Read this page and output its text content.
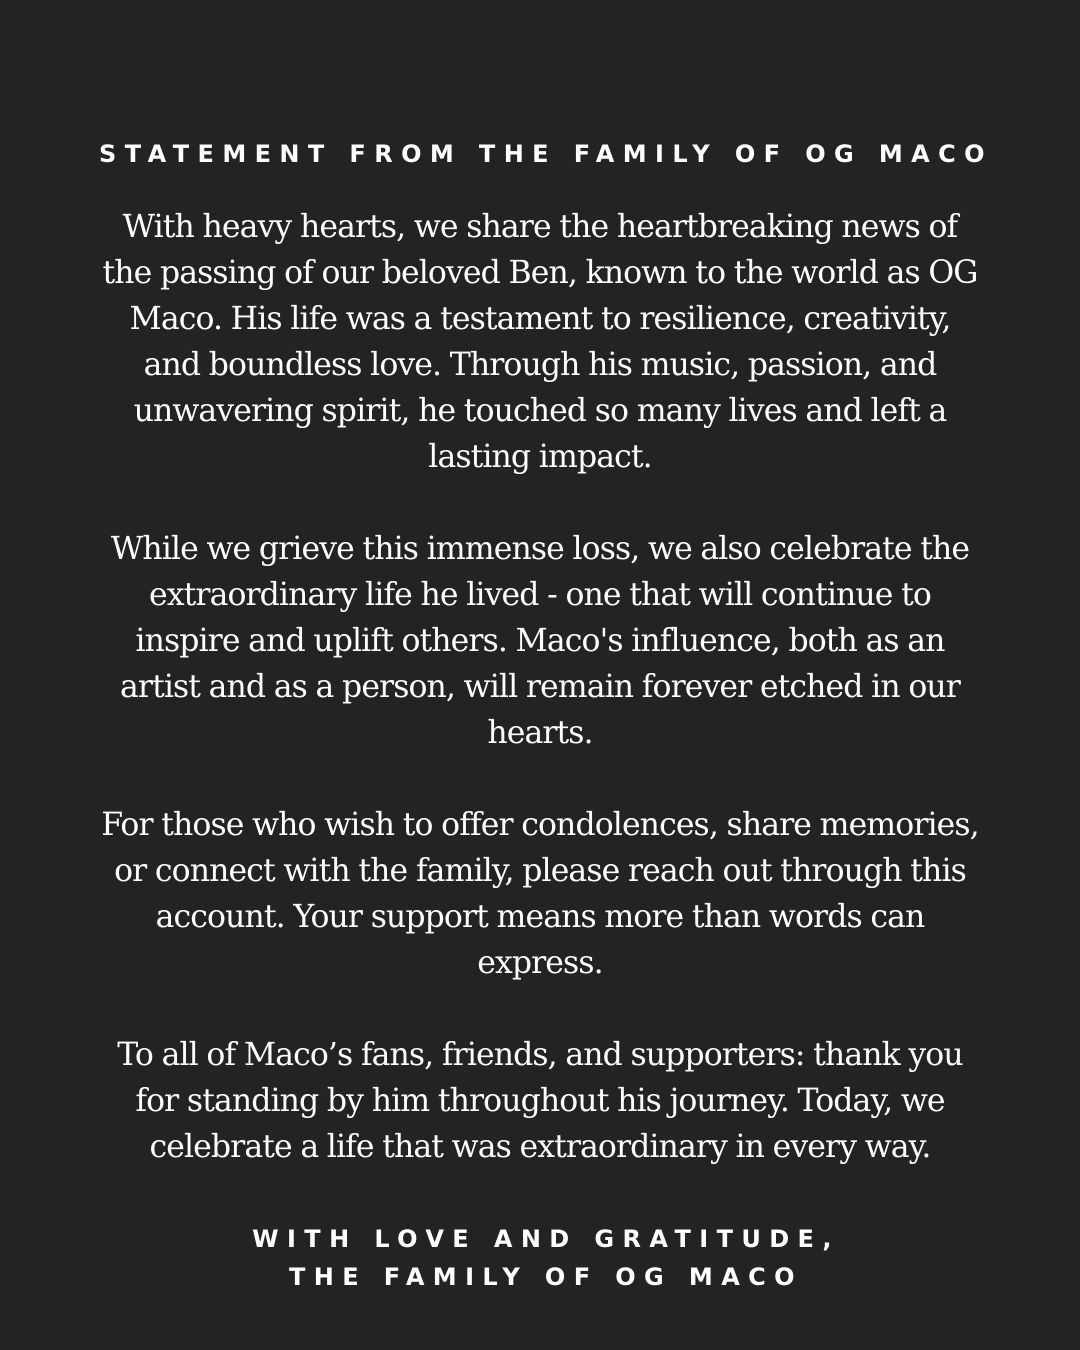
STATEMENT FROM THE FAMILY OF OG MACO

With heavy hearts, we share the heartbreaking news of the passing of our beloved Ben, known to the world as OG Maco. His life was a testament to resilience, creativity, and boundless love. Through his music, passion, and unwavering spirit, he touched so many lives and left a lasting impact.

While we grieve this immense loss, we also celebrate the extraordinary life he lived - one that will continue to inspire and uplift others. Maco's influence, both as an artist and as a person, will remain forever etched in our hearts.

For those who wish to offer condolences, share memories, or connect with the family, please reach out through this account. Your support means more than words can express.

To all of Maco’s fans, friends, and supporters: thank you for standing by him throughout his journey. Today, we celebrate a life that was extraordinary in every way.

WITH LOVE AND GRATITUDE,
THE FAMILY OF OG MACO
